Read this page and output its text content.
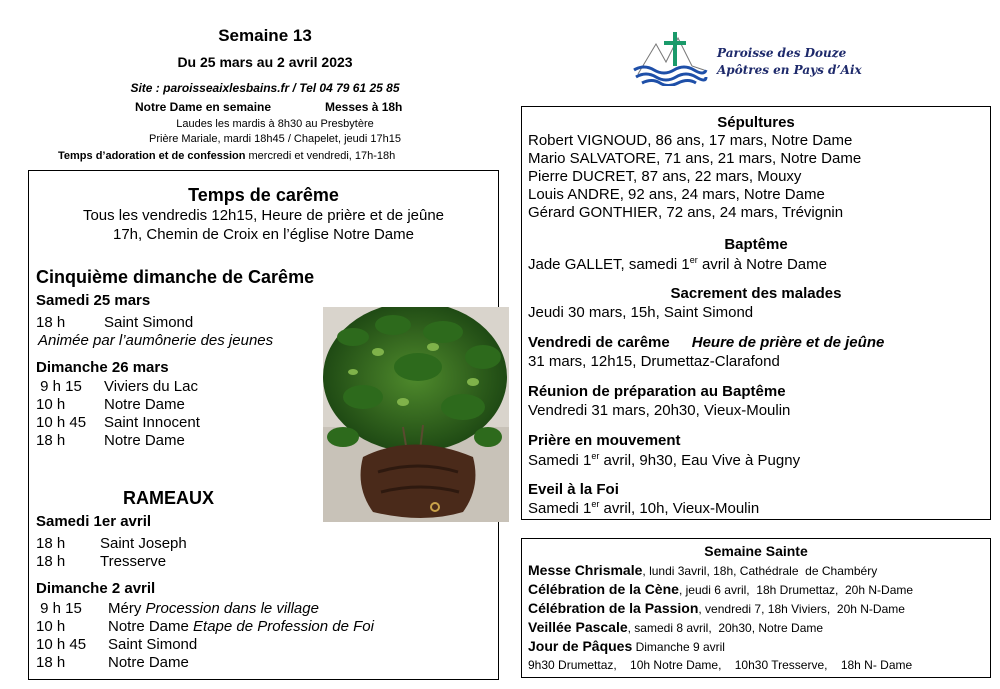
Semaine 13
Du 25 mars au 2 avril 2023
Site : paroisseaixlesbains.fr / Tel 04 79 61 25 85
Notre Dame en semaine	Messes à 18h
Laudes les mardis à 8h30 au Presbytère
Prière Mariale, mardi 18h45 / Chapelet, jeudi 17h15
Temps d’adoration et de confession mercredi et vendredi, 17h-18h
Paroisse des Douze
Apôtres en Pays d’Aix
Temps de carême
Tous les vendredis 12h15, Heure de prière et de jeûne
17h, Chemin de Croix en l’église Notre Dame
Cinquième dimanche de Carême
Samedi 25 mars
18 h	Saint Simond
Animée par l’aumônerie des jeunes
Dimanche 26 mars
9 h 15 Viviers du Lac
10 h	Notre Dame
10 h 45 Saint Innocent
18 h	Notre Dame
RAMEAUX
Samedi 1er avril
18 h Saint Joseph
18 h Tresserve
Dimanche 2 avril
9 h 15 Méry Procession dans le village
10 h	Notre Dame Etape de Profession de Foi
10 h 45 Saint Simond
18 h	Notre Dame
Sépultures
Robert VIGNOUD, 86 ans, 17 mars, Notre Dame
Mario SALVATORE, 71 ans, 21 mars, Notre Dame
Pierre DUCRET, 87 ans, 22 mars, Mouxy
Louis ANDRE, 92 ans, 24 mars, Notre Dame
Gérard GONTHIER, 72 ans, 24 mars, Trévignin
Baptême
Jade GALLET, samedi 1er avril à Notre Dame
Sacrement des malades
Jeudi 30 mars, 15h, Saint Simond
Vendredi de carême Heure de prière et de jeûne
31 mars, 12h15, Drumettaz-Clarafond
Réunion de préparation au Baptême
Vendredi 31 mars, 20h30, Vieux-Moulin
Prière en mouvement
Samedi 1er avril, 9h30, Eau Vive à Pugny
Eveil à la Foi
Samedi 1er avril, 10h, Vieux-Moulin
Semaine Sainte
Messe Chrismale, lundi 3avril, 18h, Cathédrale  de Chambéry
Célébration de la Cène, jeudi 6 avril,  18h Drumettaz,  20h N-Dame
Célébration de la Passion, vendredi 7, 18h Viviers,  20h N-Dame
Veillée Pascale, samedi 8 avril,  20h30, Notre Dame
Jour de Pâques Dimanche 9 avril
9h30 Drumettaz,    10h Notre Dame,    10h30 Tresserve,    18h N- Dame
